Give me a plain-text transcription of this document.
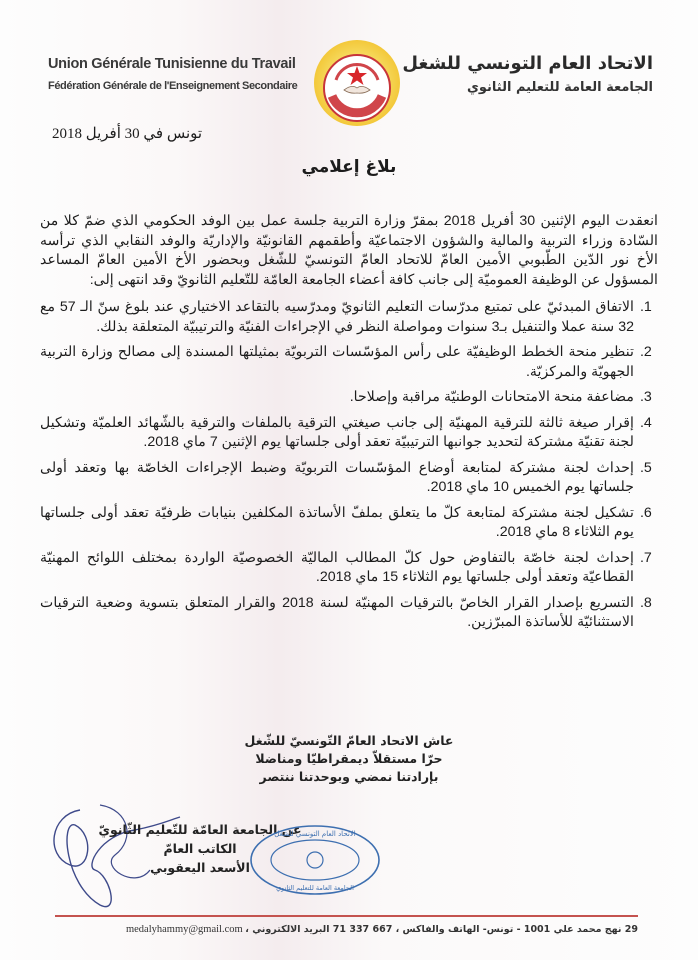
Union Générale Tunisienne du Travail
Fédération Générale de l'Enseignement Secondaire
تونس في 30 أفريل 2018
الاتحاد العام التونسي للشغل
الجامعة العامة للتعليم الثانوي
بلاغ إعلامي

انعقدت اليوم الإثنين 30 أفريل 2018 بمقرّ وزارة التربية جلسة عمل بين الوفد الحكومي الذي ضمّ كلا من السّادة وزراء التربية والمالية والشؤون الاجتماعيّة وأطقمهم القانونيّة والإداريّة والوفد النقابي الذي ترأسه الأخ نور الدّين الطّبوبي الأمين العامّ للاتحاد العامّ التونسيّ للشّغل وبحضور الأخ الأمين العامّ المساعد المسؤول عن الوظيفة العموميّة إلى جانب كافة أعضاء الجامعة العامّة للتّعليم الثانويّ وقد انتهى إلى:

1. الاتفاق المبدئيّ على تمتيع مدرّسات التعليم الثانويّ ومدرّسيه بالتقاعد الاختياري عند بلوغ سنّ الـ 57 مع 32 سنة عملا والتنفيل بـ3 سنوات ومواصلة النظر في الإجراءات الفنيّة والترتيبيّة المتعلقة بذلك.
2. تنظير منحة الخطط الوظيفيّة على رأس المؤسّسات التربويّة بمثيلتها المسندة إلى مصالح وزارة التربية الجهويّة والمركزيّة.
3. مضاعفة منحة الامتحانات الوطنيّة مراقبة وإصلاحا.
4. إقرار صيغة ثالثة للترقية المهنيّة إلى جانب صيغتي الترقية بالملفات والترقية بالشّهائد العلميّة وتشكيل لجنة تقنيّة مشتركة لتحديد جوانبها الترتيبيّة تعقد أولى جلساتها يوم الإثنين 7 ماي 2018.
5. إحداث لجنة مشتركة لمتابعة أوضاع المؤسّسات التربويّة وضبط الإجراءات الخاصّة بها وتعقد أولى جلساتها يوم الخميس 10 ماي 2018.
6. تشكيل لجنة مشتركة لمتابعة كلّ ما يتعلق بملفّ الأساتذة المكلفين بنيابات ظرفيّة تعقد أولى جلساتها يوم الثلاثاء 8 ماي 2018.
7. إحداث لجنة خاصّة بالتفاوض حول كلّ المطالب الماليّة الخصوصيّة الواردة بمختلف اللوائح المهنيّة القطاعيّة وتعقد أولى جلساتها يوم الثلاثاء 15 ماي 2018.
8. التسريع بإصدار القرار الخاصّ بالترقيات المهنيّة لسنة 2018 والقرار المتعلق بتسوية وضعية الترقيات الاستثنائيّة للأساتذة المبرّزين.
عاش الاتحاد العامّ التّونسيّ للشّغل
حرّا مستقلاّ ديمقراطيّا ومناضلا
بإرادتنا نمضي وبوحدتنا ننتصر
عن الجامعة العامّة للتّعليم الثّانويّ
الكاتب العامّ
الأسعد اليعقوبي
الاتحاد العام التونسي للشغل
الجامعة العامة للتعليم الثانوي
29 نهج محمد علي 1001 - تونس- الهاتف والفاكس ، 667 337 71 البريد الالكتروني ، medalyhammy@gmail.com
